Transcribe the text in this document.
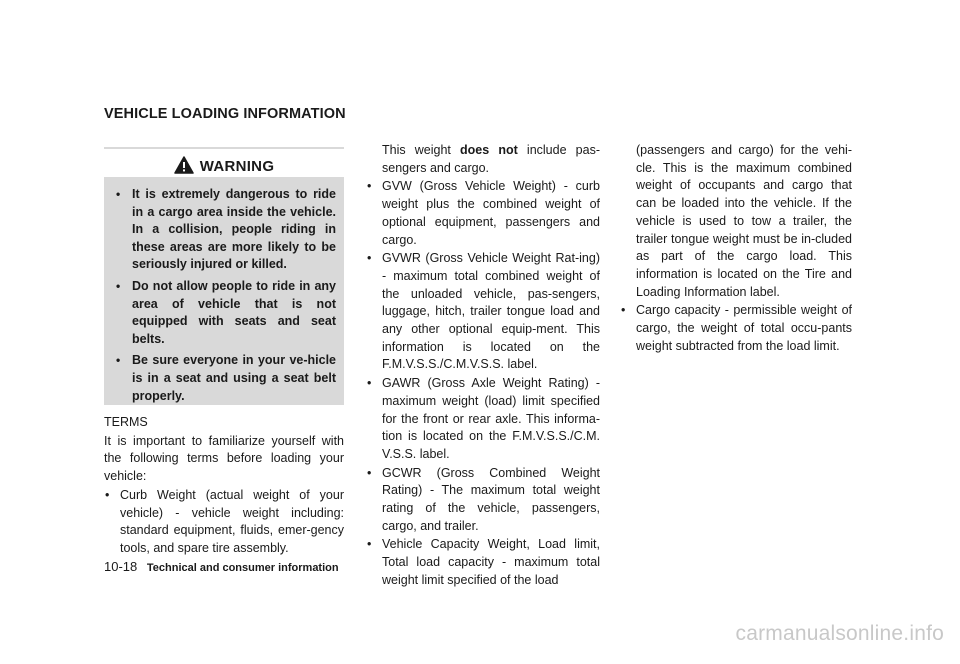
VEHICLE LOADING INFORMATION
WARNING
• It is extremely dangerous to ride in a cargo area inside the vehicle. In a collision, people riding in these areas are more likely to be seriously injured or killed.
• Do not allow people to ride in any area of vehicle that is not equipped with seats and seat belts.
• Be sure everyone in your ve-hicle is in a seat and using a seat belt properly.

TERMS

It is important to familiarize yourself with the following terms before loading your vehicle:

• Curb Weight (actual weight of your vehicle) - vehicle weight including: standard equipment, fluids, emer-gency tools, and spare tire assembly.

This weight does not include pas-sengers and cargo.

• GVW (Gross Vehicle Weight) - curb weight plus the combined weight of optional equipment, passengers and cargo.
• GVWR (Gross Vehicle Weight Rat-ing) - maximum total combined weight of the unloaded vehicle, pas-sengers, luggage, hitch, trailer tongue load and any other optional equip-ment. This information is located on the F.M.V.S.S./C.M.V.S.S. label.
• GAWR (Gross Axle Weight Rating) - maximum weight (load) limit specified for the front or rear axle. This informa-tion is located on the F.M.V.S.S./C.M. V.S.S. label.
• GCWR (Gross Combined Weight Rating) - The maximum total weight rating of the vehicle, passengers, cargo, and trailer.
• Vehicle Capacity Weight, Load limit, Total load capacity - maximum total weight limit specified of the load

(passengers and cargo) for the vehi-cle. This is the maximum combined weight of occupants and cargo that can be loaded into the vehicle. If the vehicle is used to tow a trailer, the trailer tongue weight must be in-cluded as part of the cargo load. This information is located on the Tire and Loading Information label.

• Cargo capacity - permissible weight of cargo, the weight of total occu-pants weight subtracted from the load limit.
10-18 Technical and consumer information
carmanualsonline.info
